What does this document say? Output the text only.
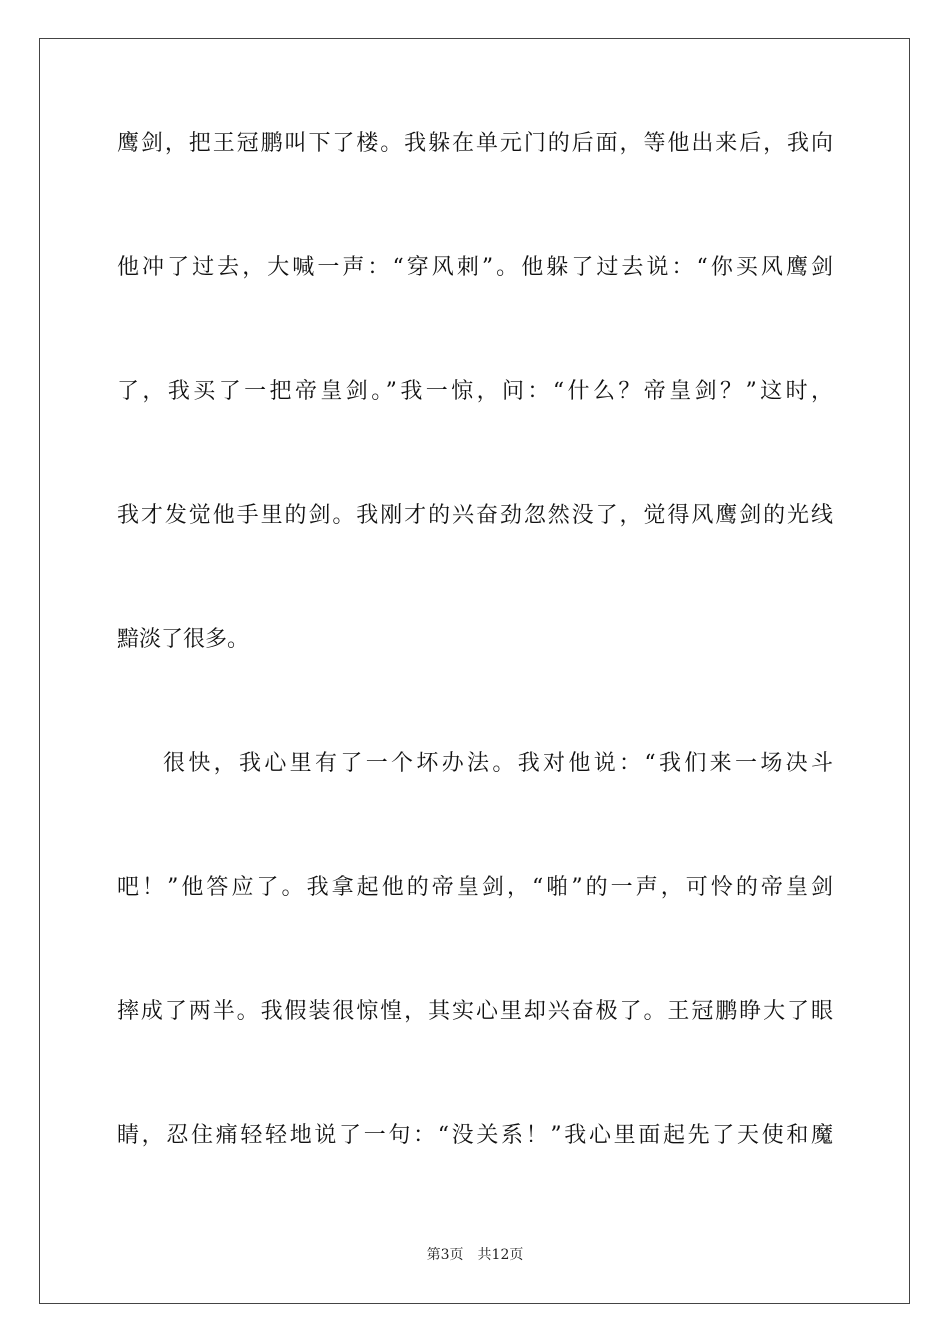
鹰剑，把王冠鹏叫下了楼。我躲在单元门的后面，等他出来后，我向
他冲了过去，大喊一声：“穿风刺”。他躲了过去说：“你买风鹰剑
了，我买了一把帝皇剑。”我一惊，问：“什么？帝皇剑？”这时，
我才发觉他手里的剑。我刚才的兴奋劲忽然没了，觉得风鹰剑的光线
黯淡了很多。
很快，我心里有了一个坏办法。我对他说：“我们来一场决斗
吧！”他答应了。我拿起他的帝皇剑，“啪”的一声，可怜的帝皇剑
摔成了两半。我假装很惊惶，其实心里却兴奋极了。王冠鹏睁大了眼
睛，忍住痛轻轻地说了一句：“没关系！”我心里面起先了天使和魔
第3页 共12页
